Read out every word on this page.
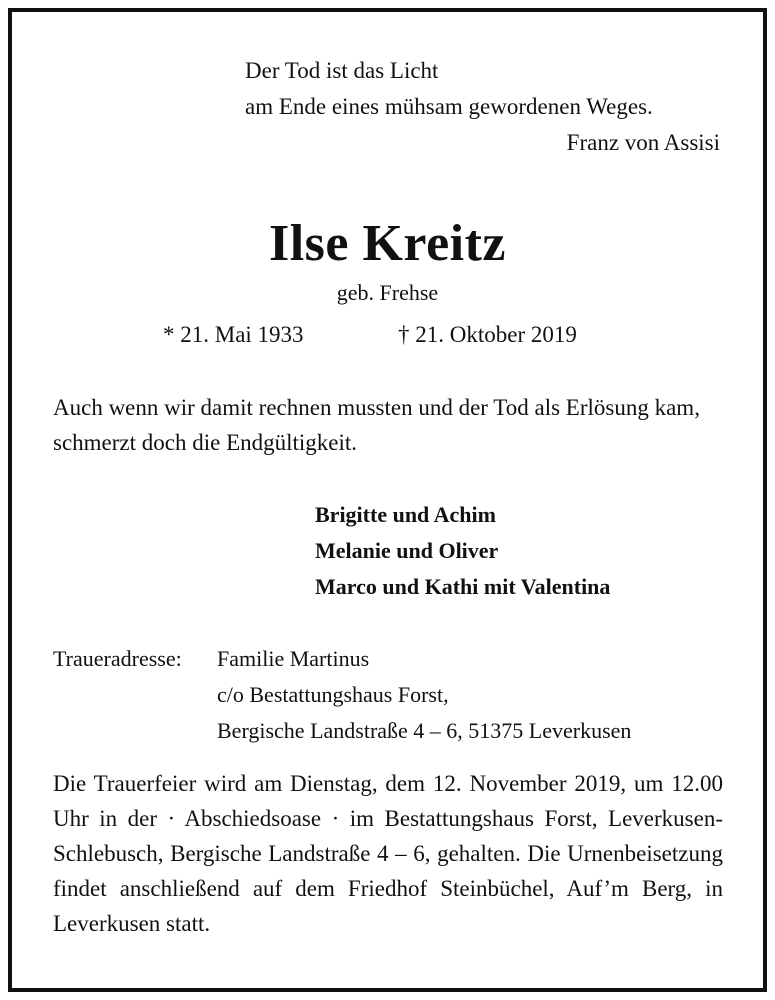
Der Tod ist das Licht
am Ende eines mühsam gewordenen Weges.
Franz von Assisi
Ilse Kreitz
geb. Frehse
* 21. Mai 1933	† 21. Oktober 2019
Auch wenn wir damit rechnen mussten und der Tod als Erlösung kam, schmerzt doch die Endgültigkeit.
Brigitte und Achim
Melanie und Oliver
Marco und Kathi mit Valentina
Traueradresse: Familie Martinus
c/o Bestattungshaus Forst,
Bergische Landstraße 4 – 6, 51375 Leverkusen
Die Trauerfeier wird am Dienstag, dem 12. November 2019, um 12.00 Uhr in der · Abschiedsoase · im Bestattungshaus Forst, Leverkusen-Schlebusch, Bergische Landstraße 4 – 6, gehalten. Die Urnenbeisetzung findet anschließend auf dem Friedhof Steinbüchel, Auf’m Berg, in Leverkusen statt.
